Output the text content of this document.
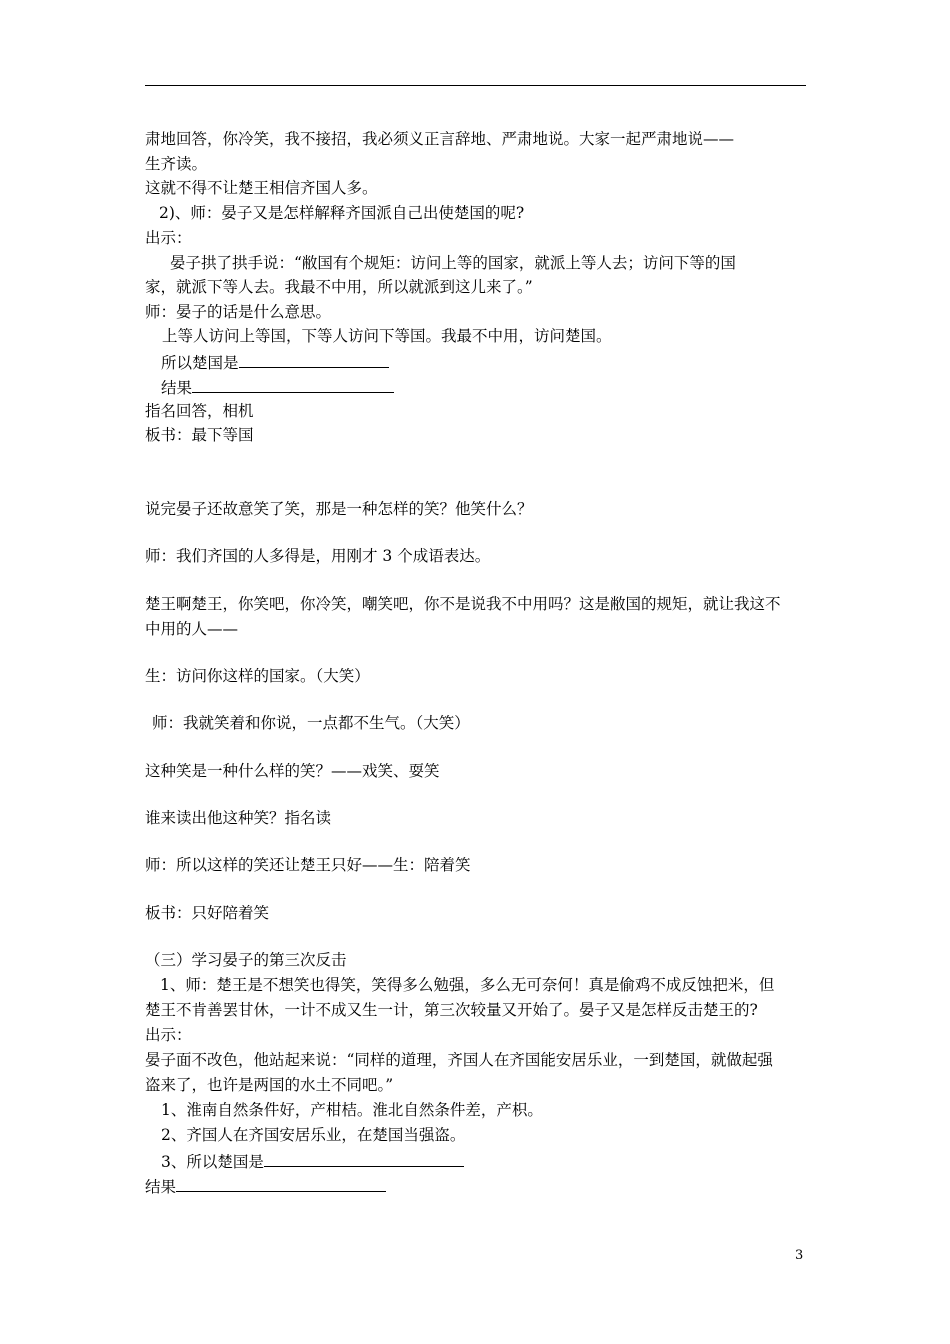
肃地回答，你冷笑，我不接招，我必须义正言辞地、严肃地说。大家一起严肃地说——
生齐读。
这就不得不让楚王相信齐国人多。
2)、师：晏子又是怎样解释齐国派自己出使楚国的呢?
出示：
晏子拱了拱手说：“敝国有个规矩：访问上等的国家，就派上等人去；访问下等的国
家，就派下等人去。我最不中用，所以就派到这儿来了。”
师：晏子的话是什么意思。
上等人访问上等国，下等人访问下等国。我最不中用，访问楚国。
所以楚国是
结果
指名回答，相机
板书：最下等国
说完晏子还故意笑了笑，那是一种怎样的笑？他笑什么？
师：我们齐国的人多得是，用刚才 3 个成语表达。
楚王啊楚王，你笑吧，你冷笑，嘲笑吧，你不是说我不中用吗？这是敝国的规矩，就让我这不
中用的人——
生：访问你这样的国家。（大笑）
师：我就笑着和你说，一点都不生气。（大笑）
这种笑是一种什么样的笑？——戏笑、耍笑
谁来读出他这种笑？指名读
师：所以这样的笑还让楚王只好——生：陪着笑
板书：只好陪着笑
（三）学习晏子的第三次反击
1、师：楚王是不想笑也得笑，笑得多么勉强，多么无可奈何！真是偷鸡不成反蚀把米，但
楚王不肯善罢甘休，一计不成又生一计，第三次较量又开始了。晏子又是怎样反击楚王的?
出示：
晏子面不改色，他站起来说：“同样的道理，齐国人在齐国能安居乐业，一到楚国，就做起强
盗来了，也许是两国的水土不同吧。”
1、淮南自然条件好，产柑桔。淮北自然条件差，产枳。
2、齐国人在齐国安居乐业，在楚国当强盗。
3、所以楚国是
结果
3
